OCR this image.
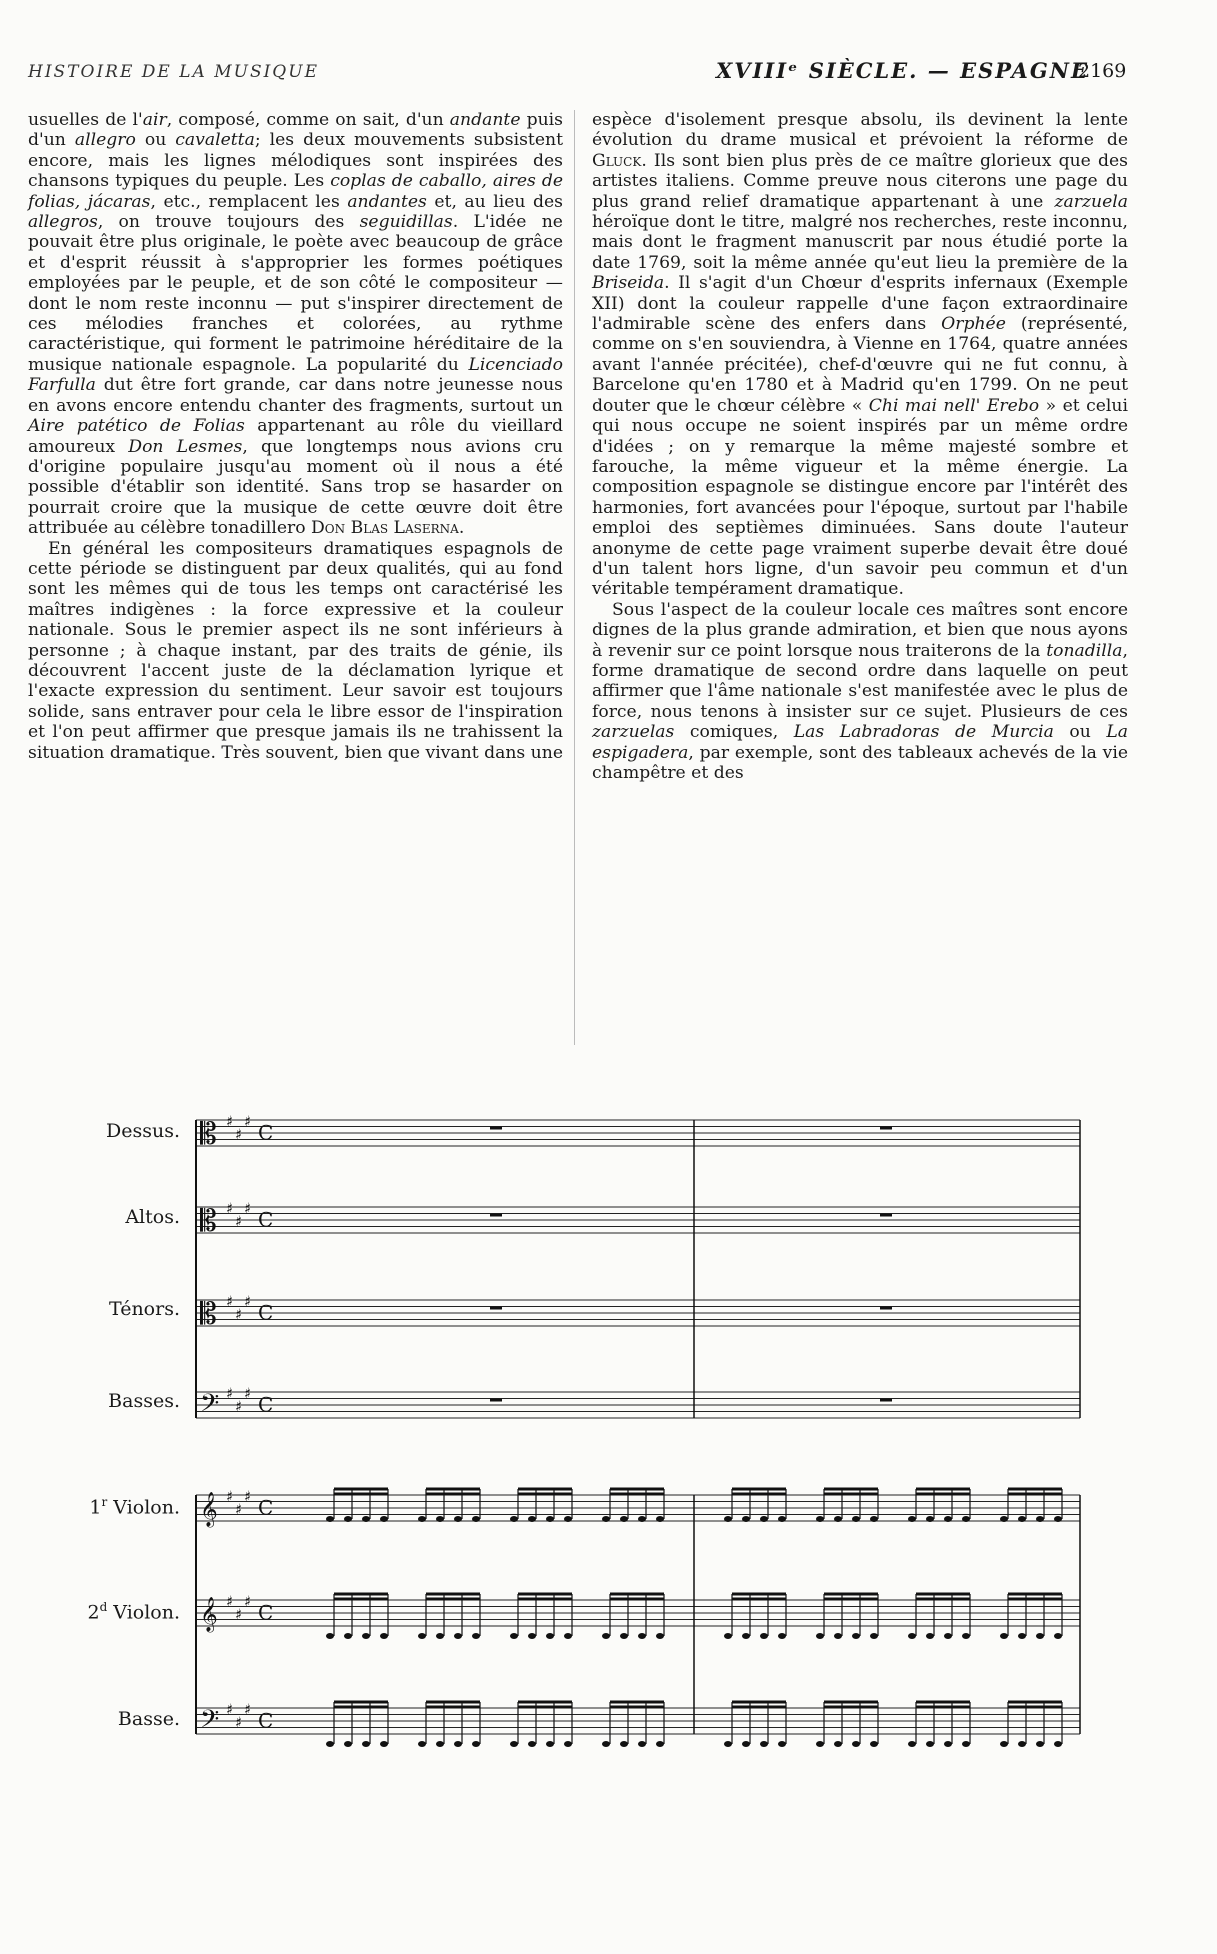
HISTOIRE DE LA MUSIQUE	XVIIIᵉ SIÈCLE. — ESPAGNE
2169

usuelles de l'air, composé, comme on sait, d'un andante puis d'un allegro ou cavaletta; les deux mouvements subsistent encore, mais les lignes mélodiques sont inspirées des chansons typiques du peuple. Les coplas de caballo, aires de folias, jácaras, etc., remplacent les andantes et, au lieu des allegros, on trouve toujours des seguidillas. L'idée ne pouvait être plus originale, le poète avec beaucoup de grâce et d'esprit réussit à s'approprier les formes poétiques employées par le peuple, et de son côté le compositeur — dont le nom reste inconnu — put s'inspirer directement de ces mélodies franches et colorées, au rythme caractéristique, qui forment le patrimoine héréditaire de la musique nationale espagnole. La popularité du Licenciado Farfulla dut être fort grande, car dans notre jeunesse nous en avons encore entendu chanter des fragments, surtout un Aire patético de Folias appartenant au rôle du vieillard amoureux Don Lesmes, que longtemps nous avions cru d'origine populaire jusqu'au moment où il nous a été possible d'établir son identité. Sans trop se hasarder on pourrait croire que la musique de cette œuvre doit être attribuée au célèbre tonadillero Don Blas Laserna.

En général les compositeurs dramatiques espagnols de cette période se distinguent par deux qualités, qui au fond sont les mêmes qui de tous les temps ont caractérisé les maîtres indigènes : la force expressive et la couleur nationale. Sous le premier aspect ils ne sont inférieurs à personne ; à chaque instant, par des traits de génie, ils découvrent l'accent juste de la déclamation lyrique et l'exacte expression du sentiment. Leur savoir est toujours solide, sans entraver pour cela le libre essor de l'inspiration et l'on peut affirmer que presque jamais ils ne trahissent la situation dramatique. Très souvent, bien que vivant dans une

espèce d'isolement presque absolu, ils devinent la lente évolution du drame musical et prévoient la réforme de Gluck. Ils sont bien plus près de ce maître glorieux que des artistes italiens. Comme preuve nous citerons une page du plus grand relief dramatique appartenant à une zarzuela héroïque dont le titre, malgré nos recherches, reste inconnu, mais dont le fragment manuscrit par nous étudié porte la date 1769, soit la même année qu'eut lieu la première de la Briseida. Il s'agit d'un Chœur d'esprits infernaux (Exemple XII) dont la couleur rappelle d'une façon extraordinaire l'admirable scène des enfers dans Orphée (représenté, comme on s'en souviendra, à Vienne en 1764, quatre années avant l'année précitée), chef-d'œuvre qui ne fut connu, à Barcelone qu'en 1780 et à Madrid qu'en 1799. On ne peut douter que le chœur célèbre « Chi mai nell' Erebo » et celui qui nous occupe ne soient inspirés par un même ordre d'idées ; on y remarque la même majesté sombre et farouche, la même vigueur et la même énergie. La composition espagnole se distingue encore par l'intérêt des harmonies, fort avancées pour l'époque, surtout par l'habile emploi des septièmes diminuées. Sans doute l'auteur anonyme de cette page vraiment superbe devait être doué d'un talent hors ligne, d'un savoir peu commun et d'un véritable tempérament dramatique.

Sous l'aspect de la couleur locale ces maîtres sont encore dignes de la plus grande admiration, et bien que nous ayons à revenir sur ce point lorsque nous traiterons de la tonadilla, forme dramatique de second ordre dans laquelle on peut affirmer que l'âme nationale s'est manifestée avec le plus de force, nous tenons à insister sur ce sujet. Plusieurs de ces zarzuelas comiques, Las Labradoras de Murcia ou La espigadera, par exemple, sont des tableaux achevés de la vie champêtre et des

Dessus.
Altos.
Ténors.
Basses.
1$^r$ Violon.
2$^d$ Violon.
Basse.
𝄡 ♯
♯
♯ C
𝄡 ♯
♯
♯ C
𝄡 ♯
♯
♯ C
𝄢 ♯
♯
♯ C
𝄞 ♯
♯
♯ C
𝄞 ♯
♯
♯ C
𝄢 ♯
♯
♯ C
